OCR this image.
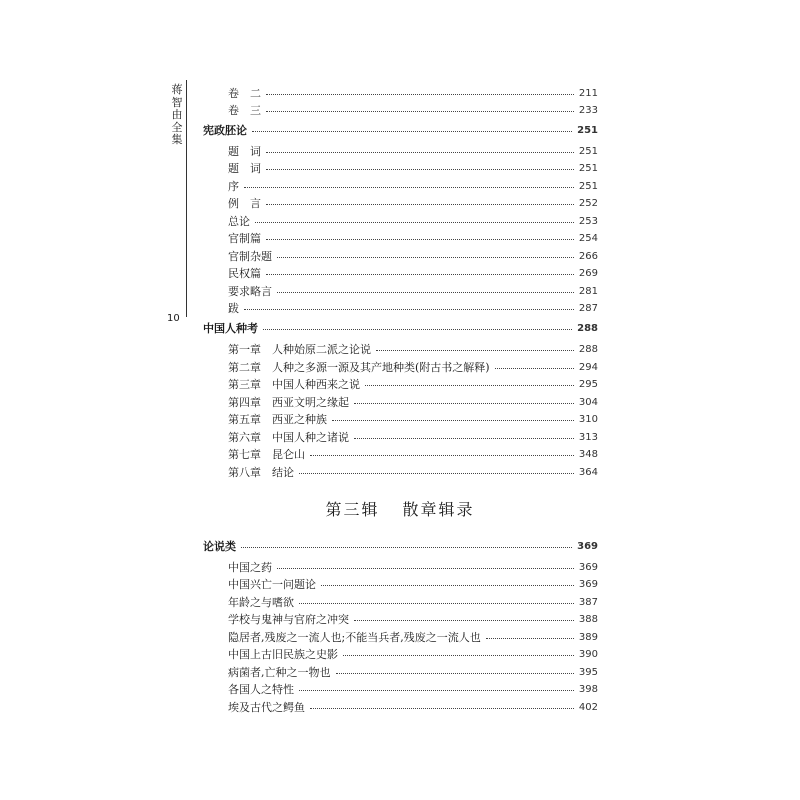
蒋智由全集
10
卷　二	211
卷　三	233
宪政胚论	251
题　词	251
题　词	251
序	251
例　言	252
总论	253
官制篇	254
官制杂题	266
民权篇	269
要求略言	281
跋	287
中国人种考	288
第一章　人种始原二派之论说	288
第二章　人种之多源一源及其产地种类(附古书之解释)	294
第三章　中国人种西来之说	295
第四章　西亚文明之缘起	304
第五章　西亚之种族	310
第六章　中国人种之诸说	313
第七章　昆仑山	348
第八章　结论	364
第三辑 散章辑录
论说类	369
中国之药	369
中国兴亡一问题论	369
年龄之与嗜欲	387
学校与鬼神与官府之冲突	388
隐居者,残废之一流人也;不能当兵者,残废之一流人也	389
中国上古旧民族之史影	390
病菌者,亡种之一物也	395
各国人之特性	398
埃及古代之鳄鱼	402
